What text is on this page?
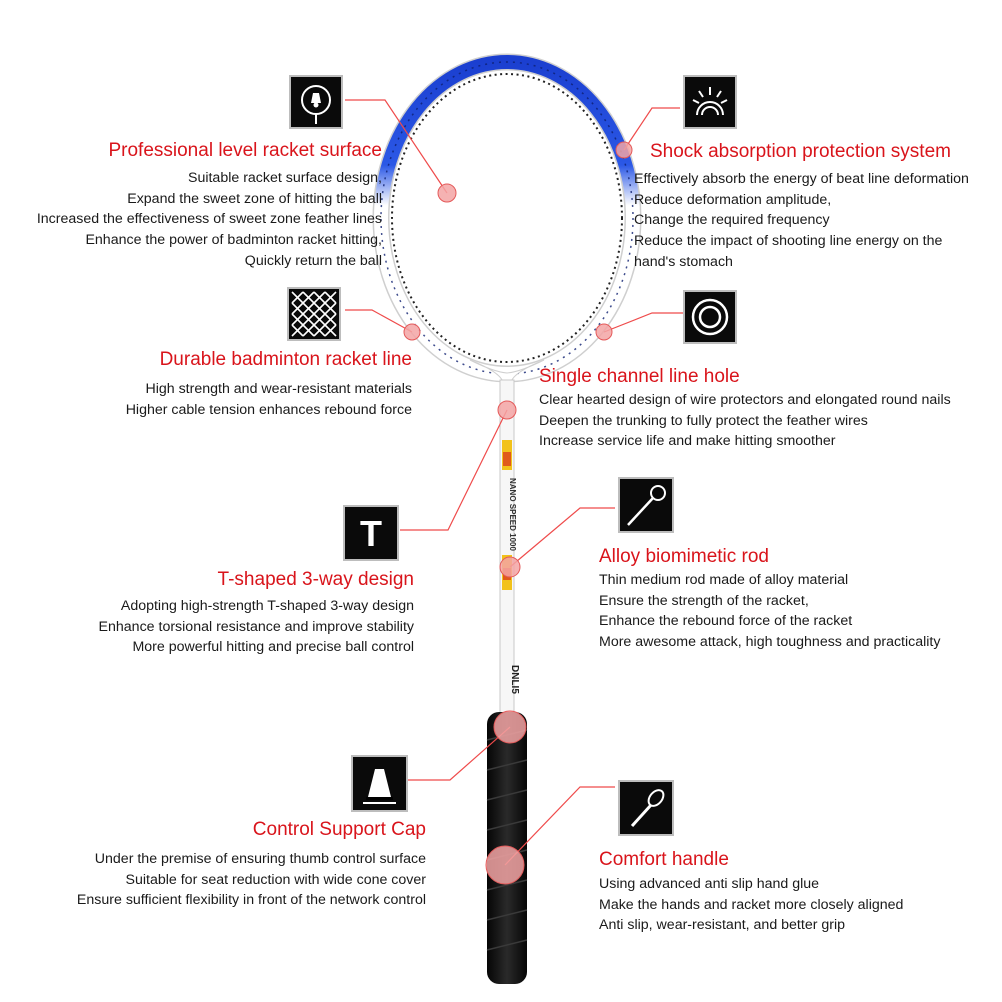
NANO SPEED 1000
DNLI5
T
Professional level racket surface
Suitable racket surface design,
Expand the sweet zone of hitting the ball
Increased the effectiveness of sweet zone feather lines
Enhance the power of badminton racket hitting,
Quickly return the ball
Shock absorption protection system
Effectively absorb the energy of beat line deformation
Reduce deformation amplitude,
Change the required frequency
Reduce the impact of shooting line energy on the
hand's stomach
Durable badminton racket line
High strength and wear-resistant materials
Higher cable tension enhances rebound force
Single channel line hole
Clear hearted design of wire protectors and elongated round nails
Deepen the trunking to fully protect the feather wires
Increase service life and make hitting smoother
T-shaped 3-way design
Adopting high-strength T-shaped 3-way design
Enhance torsional resistance and improve stability
More powerful hitting and precise ball control
Alloy biomimetic rod
Thin medium rod made of alloy material
Ensure the strength of the racket,
Enhance the rebound force of the racket
More awesome attack, high toughness and practicality
Control Support Cap
Under the premise of ensuring thumb control surface
Suitable for seat reduction with wide cone cover
Ensure sufficient flexibility in front of the network control
Comfort handle
Using advanced anti slip hand glue
Make the hands and racket more closely aligned
Anti slip, wear-resistant, and better grip
